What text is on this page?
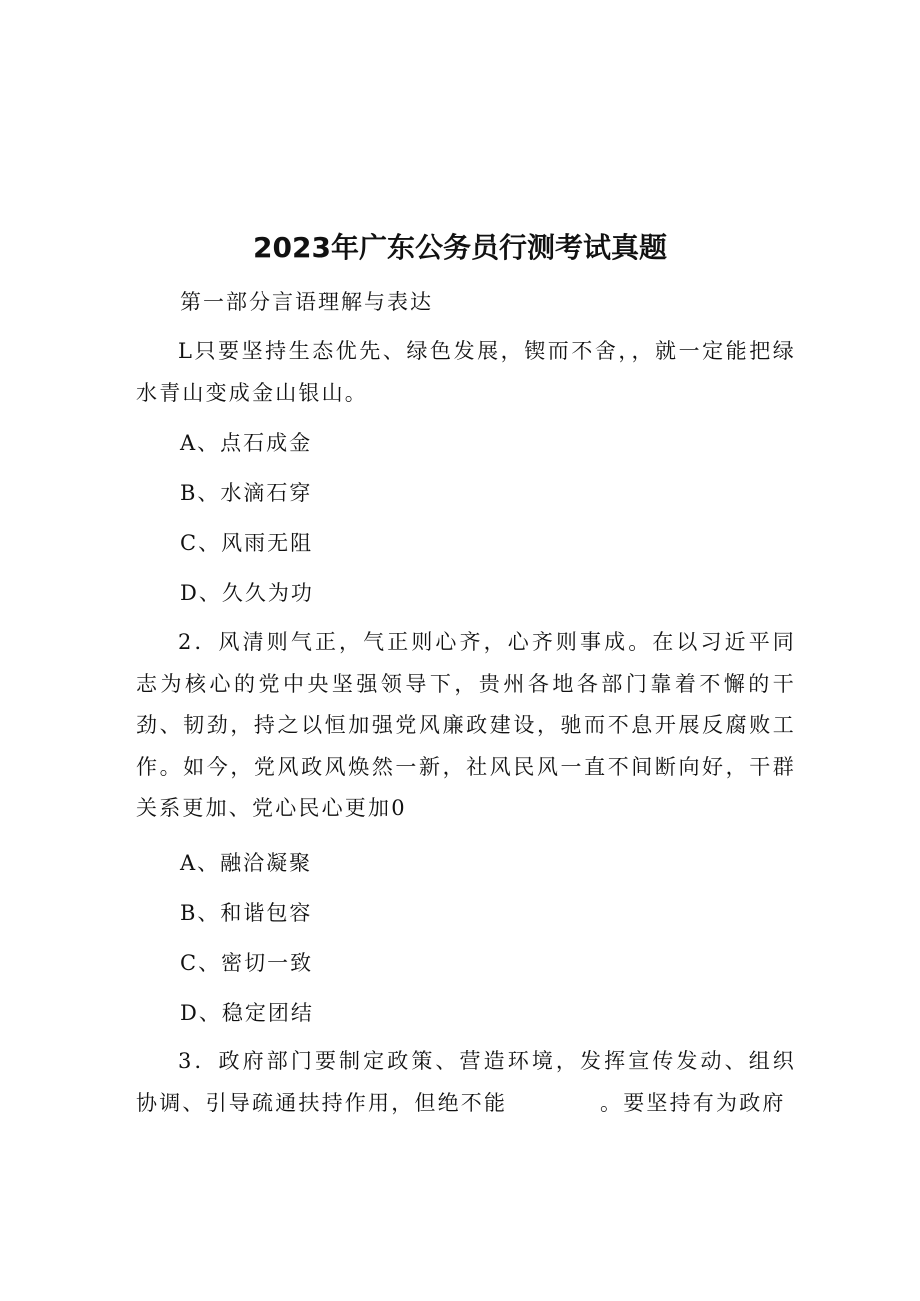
2023年广东公务员行测考试真题
第一部分言语理解与表达
L只要坚持生态优先、绿色发展，锲而不舍，，就一定能把绿水青山变成金山银山。
A、点石成金
B、水滴石穿
C、风雨无阻
D、久久为功
2．风清则气正，气正则心齐，心齐则事成。在以习近平同志为核心的党中央坚强领导下，贵州各地各部门靠着不懈的干劲、韧劲，持之以恒加强党风廉政建设，驰而不息开展反腐败工作。如今，党风政风焕然一新，社风民风一直不间断向好，干群关系更加、党心民心更加0
A、融洽凝聚
B、和谐包容
C、密切一致
D、稳定团结
3．政府部门要制定政策、营造环境，发挥宣传发动、组织协调、引导疏通扶持作用，但绝不能　　　　。要坚持有为政府
